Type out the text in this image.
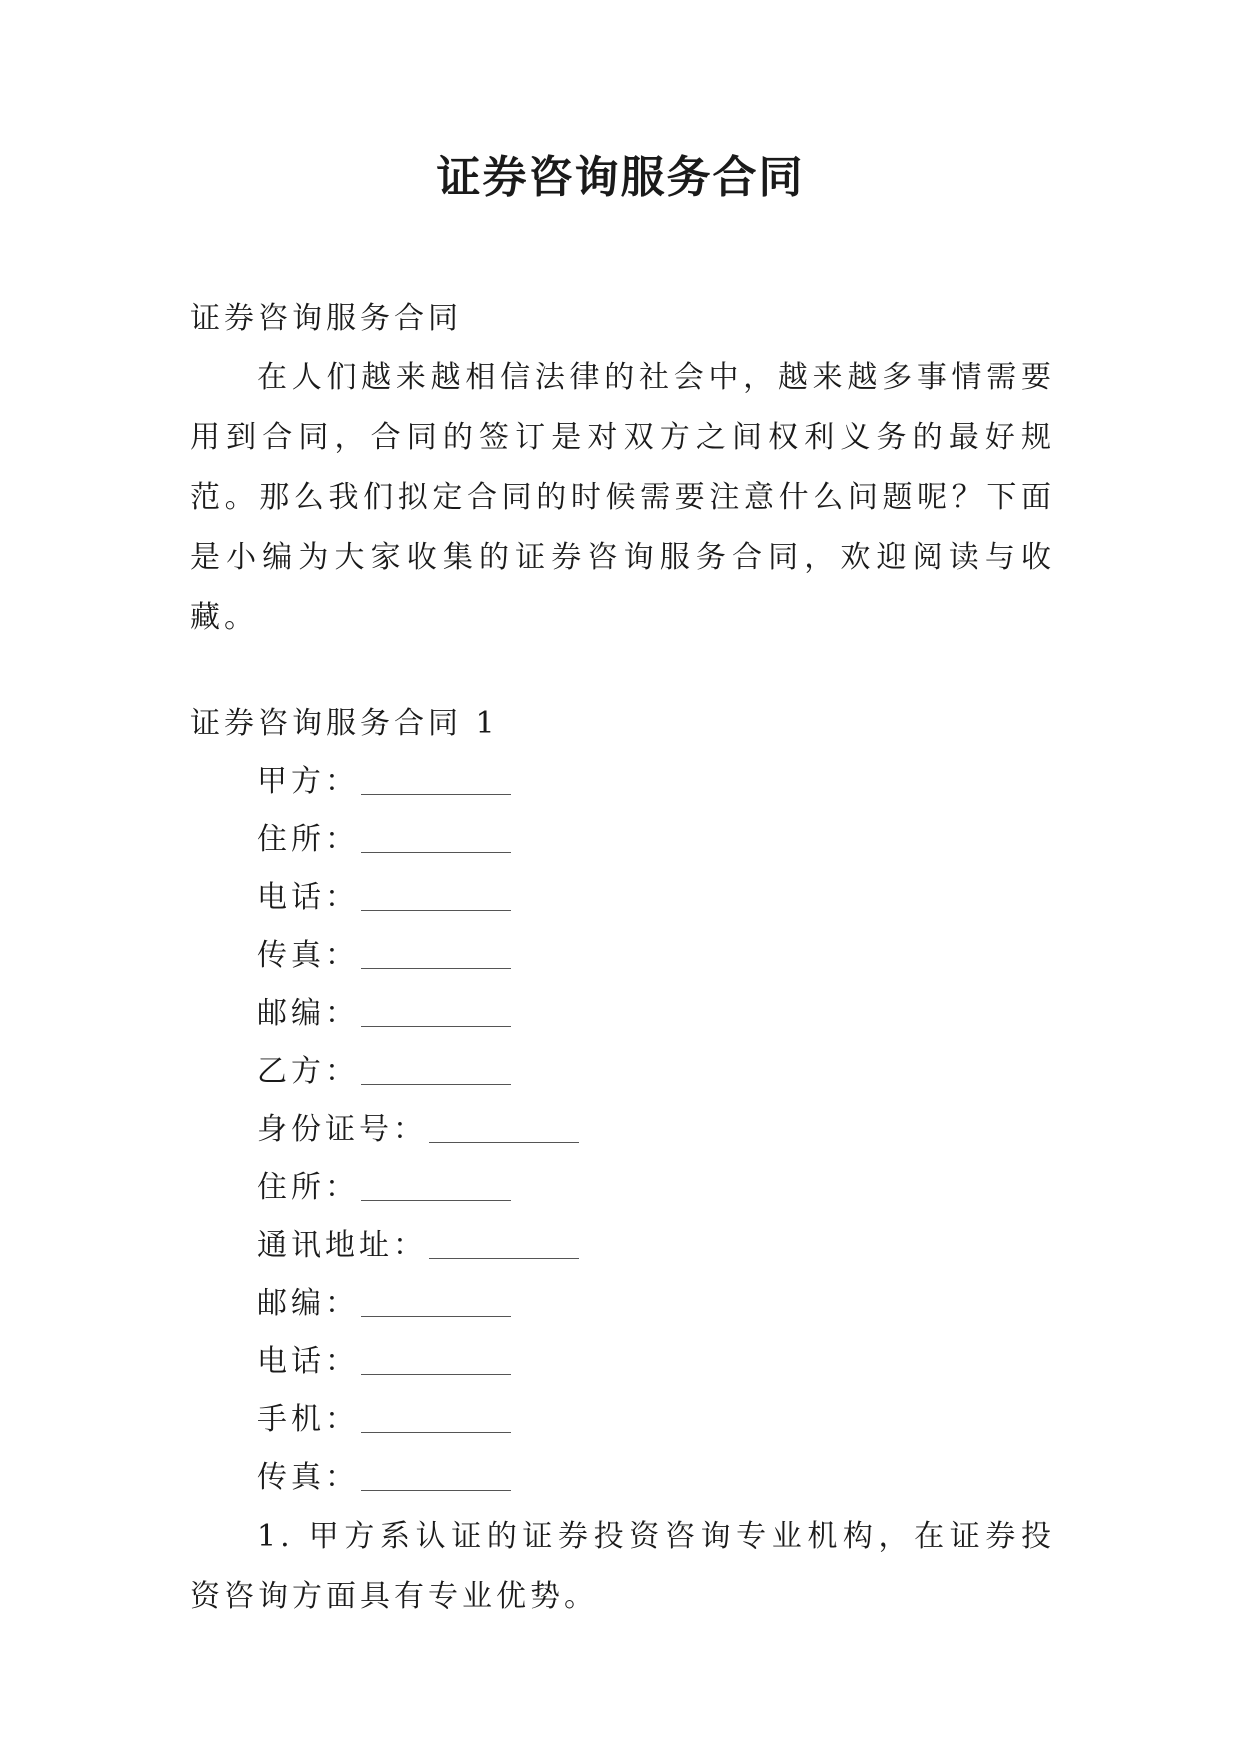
证券咨询服务合同

证券咨询服务合同

在人们越来越相信法律的社会中，越来越多事情需要用到合同，合同的签订是对双方之间权利义务的最好规范。那么我们拟定合同的时候需要注意什么问题呢？下面是小编为大家收集的证券咨询服务合同，欢迎阅读与收藏。

证券咨询服务合同 1

甲方：
住所：
电话：
传真：
邮编：
乙方：
身份证号：
住所：
通讯地址：
邮编：
电话：
手机：
传真：

1. 甲方系认证的证券投资咨询专业机构，在证券投资咨询方面具有专业优势。
